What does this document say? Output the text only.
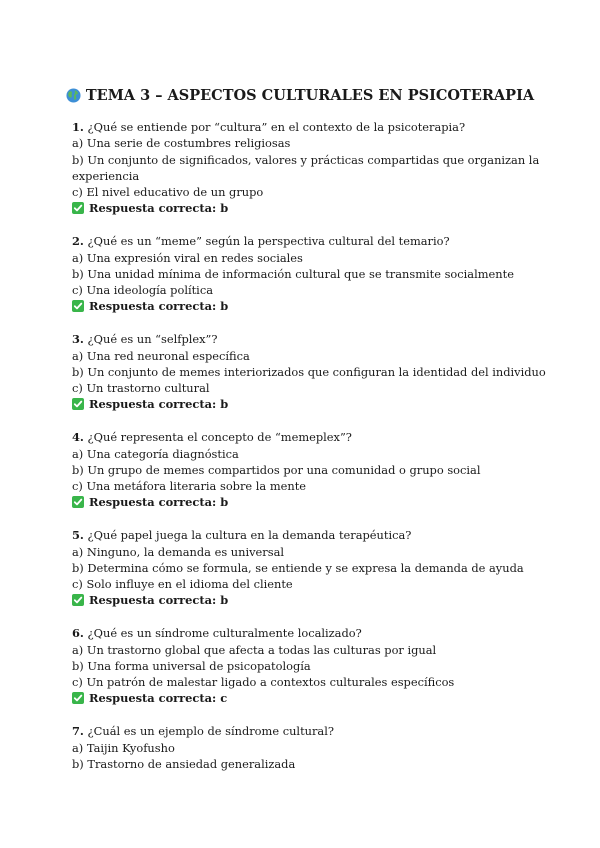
TEMA 3 – ASPECTOS CULTURALES EN PSICOTERAPIA
1. ¿Qué se entiende por “cultura” en el contexto de la psicoterapia?
a) Una serie de costumbres religiosas
b) Un conjunto de significados, valores y prácticas compartidas que organizan la experiencia
c) El nivel educativo de un grupo
Respuesta correcta: b
2. ¿Qué es un “meme” según la perspectiva cultural del temario?
a) Una expresión viral en redes sociales
b) Una unidad mínima de información cultural que se transmite socialmente
c) Una ideología política
Respuesta correcta: b
3. ¿Qué es un “selfplex”?
a) Una red neuronal específica
b) Un conjunto de memes interiorizados que configuran la identidad del individuo
c) Un trastorno cultural
Respuesta correcta: b
4. ¿Qué representa el concepto de “memeplex”?
a) Una categoría diagnóstica
b) Un grupo de memes compartidos por una comunidad o grupo social
c) Una metáfora literaria sobre la mente
Respuesta correcta: b
5. ¿Qué papel juega la cultura en la demanda terapéutica?
a) Ninguno, la demanda es universal
b) Determina cómo se formula, se entiende y se expresa la demanda de ayuda
c) Solo influye en el idioma del cliente
Respuesta correcta: b
6. ¿Qué es un síndrome culturalmente localizado?
a) Un trastorno global que afecta a todas las culturas por igual
b) Una forma universal de psicopatología
c) Un patrón de malestar ligado a contextos culturales específicos
Respuesta correcta: c
7. ¿Cuál es un ejemplo de síndrome cultural?
a) Taijin Kyofusho
b) Trastorno de ansiedad generalizada
